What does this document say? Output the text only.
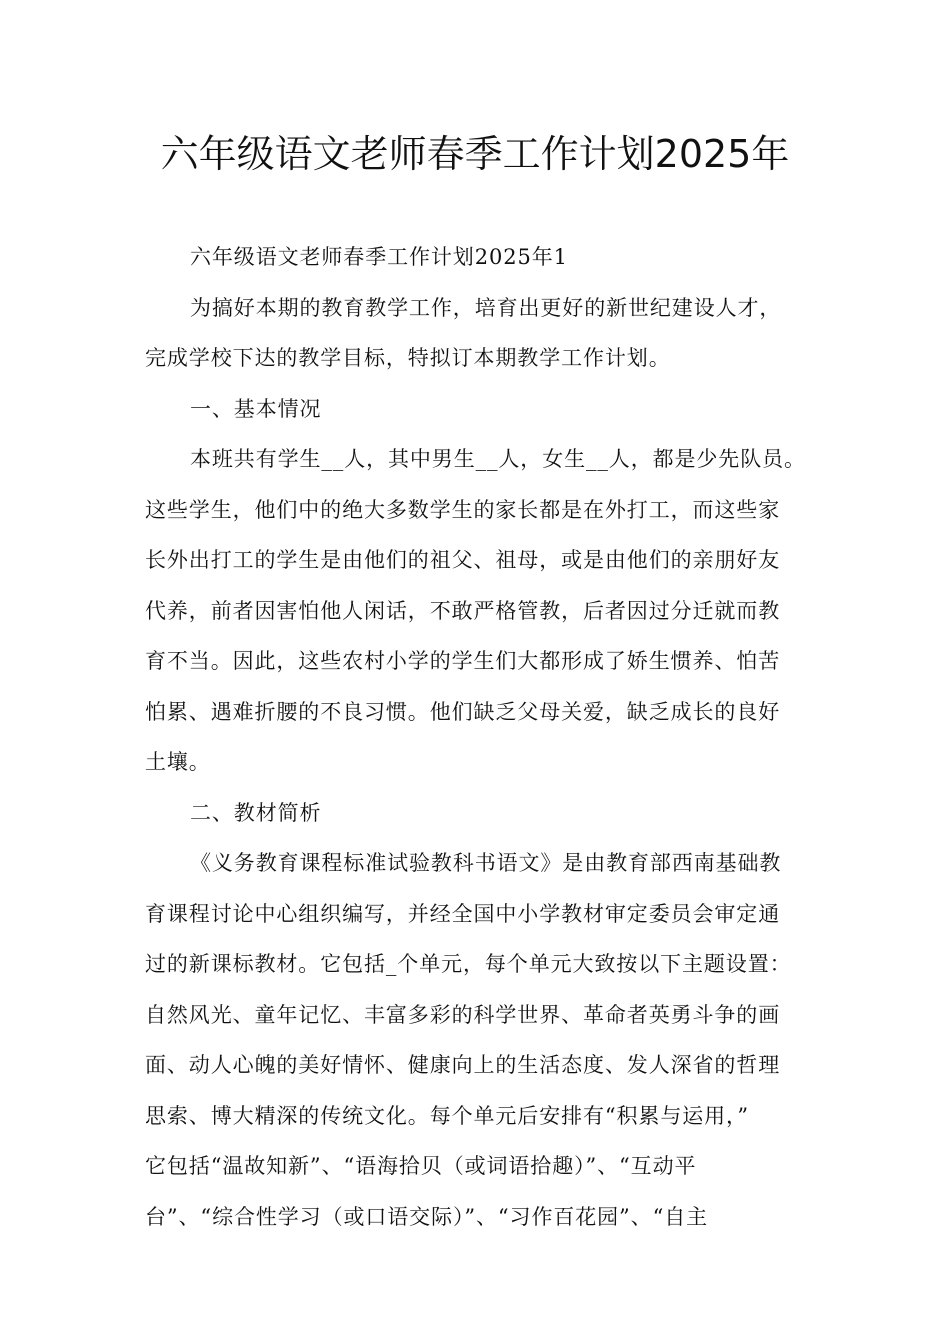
六年级语文老师春季工作计划2025年
六年级语文老师春季工作计划2025年1
为搞好本期的教育教学工作，培育出更好的新世纪建设人才，
完成学校下达的教学目标，特拟订本期教学工作计划。
一、基本情况
本班共有学生__人，其中男生__人，女生__人，都是少先队员。
这些学生，他们中的绝大多数学生的家长都是在外打工，而这些家
长外出打工的学生是由他们的祖父、祖母，或是由他们的亲朋好友
代养，前者因害怕他人闲话，不敢严格管教，后者因过分迁就而教
育不当。因此，这些农村小学的学生们大都形成了娇生惯养、怕苦
怕累、遇难折腰的不良习惯。他们缺乏父母关爱，缺乏成长的良好
土壤。
二、教材简析
《义务教育课程标准试验教科书语文》是由教育部西南基础教
育课程讨论中心组织编写，并经全国中小学教材审定委员会审定通
过的新课标教材。它包括_个单元，每个单元大致按以下主题设置：
自然风光、童年记忆、丰富多彩的科学世界、革命者英勇斗争的画
面、动人心魄的美好情怀、健康向上的生活态度、发人深省的哲理
思索、博大精深的传统文化。每个单元后安排有“积累与运用，”
它包括“温故知新”、“语海拾贝（或词语拾趣）”、“互动平
台”、“综合性学习（或口语交际）”、“习作百花园”、“自主
